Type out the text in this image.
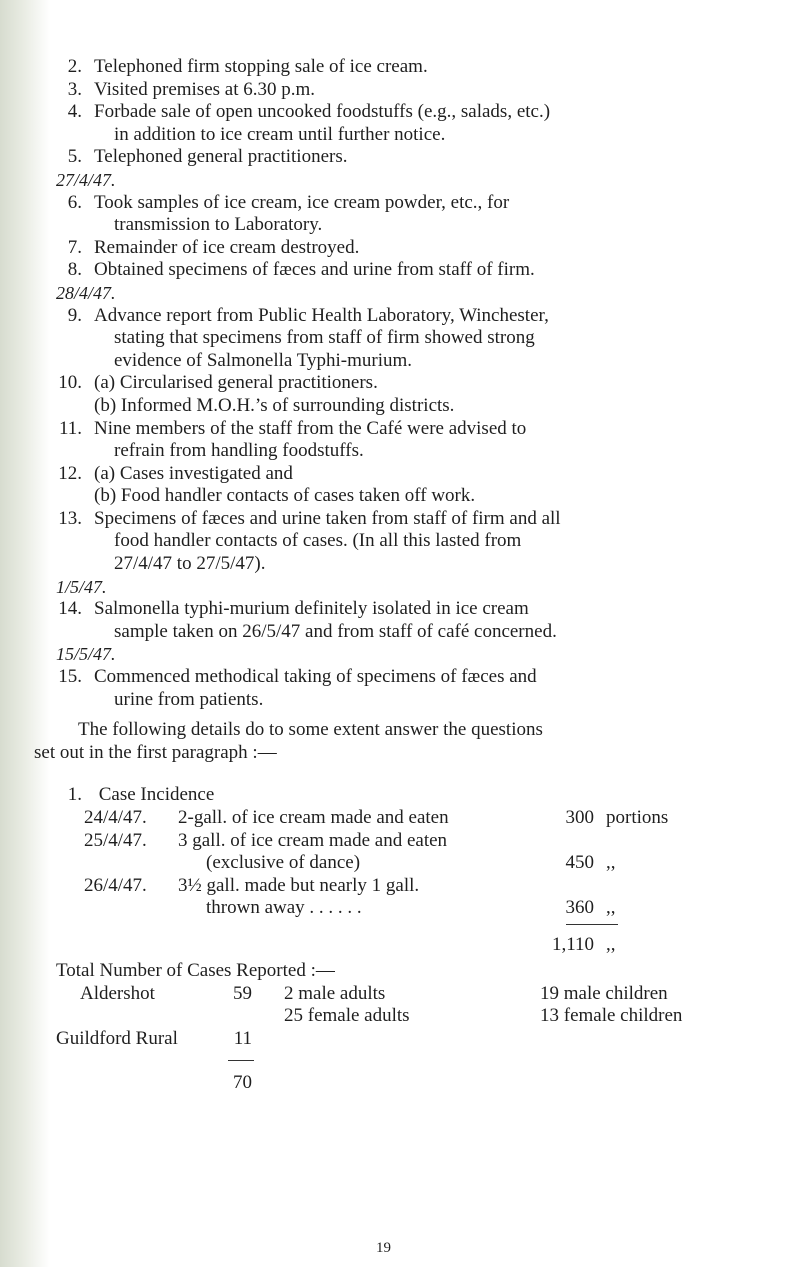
2. Telephoned firm stopping sale of ice cream.
3. Visited premises at 6.30 p.m.
4. Forbade sale of open uncooked foodstuffs (e.g., salads, etc.)
in addition to ice cream until further notice.
5. Telephoned general practitioners.
27/4/47.
6. Took samples of ice cream, ice cream powder, etc., for
transmission to Laboratory.
7. Remainder of ice cream destroyed.
8. Obtained specimens of fæces and urine from staff of firm.
28/4/47.
9. Advance report from Public Health Laboratory, Winchester,
stating that specimens from staff of firm showed strong
evidence of Salmonella Typhi-murium.
10. (a) Circularised general practitioners.
(b) Informed M.O.H.’s of surrounding districts.
11. Nine members of the staff from the Café were advised to
refrain from handling foodstuffs.
12. (a) Cases investigated and
(b) Food handler contacts of cases taken off work.
13. Specimens of fæces and urine taken from staff of firm and all
food handler contacts of cases. (In all this lasted from
27/4/47 to 27/5/47).
1/5/47.
14. Salmonella typhi-murium definitely isolated in ice cream
sample taken on 26/5/47 and from staff of café concerned.
15/5/47.
15. Commenced methodical taking of specimens of fæces and
urine from patients.
The following details do to some extent answer the questions
set out in the first paragraph :—
1. Case Incidence
24/4/47. 2-gall. of ice cream made and eaten	300 portions
25/4/47. 3 gall. of ice cream made and eaten
(exclusive of dance)	450 ,,
26/4/47. 3½ gall. made but nearly 1 gall.
thrown away . . . . . .	360 ,,
1,110 ,,
Total Number of Cases Reported :—
Aldershot	59 2 male adults	19 male children
25 female adults	13 female children
Guildford Rural	11
70
19
